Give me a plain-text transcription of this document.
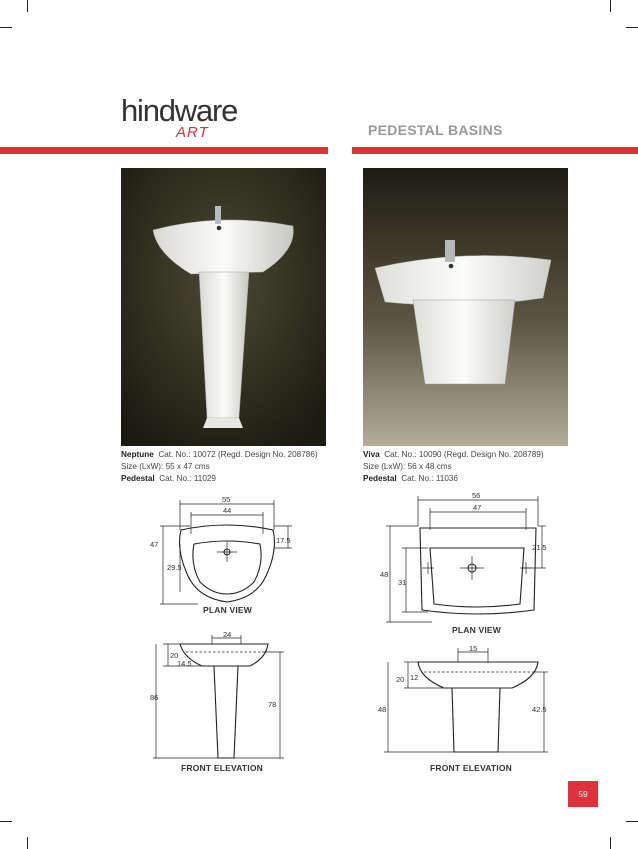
hindware
ART	PEDESTAL BASINS
Neptune Cat. No.: 10072 (Regd. Design No. 208786)
Size (LxW): 55 x 47 cms
Pedestal Cat. No.: 11029
Viva Cat. No.: 10090 (Regd. Design No. 208789)
Size (LxW): 56 x 48 cms
Pedestal Cat. No.: 11036
55
44
47
29.5
17.5
PLAN VIEW
24
20
14.5
86
78
FRONT ELEVATION
56
47
48
31
21.5
PLAN VIEW
15
20 12
48	42.5
FRONT ELEVATION
59
